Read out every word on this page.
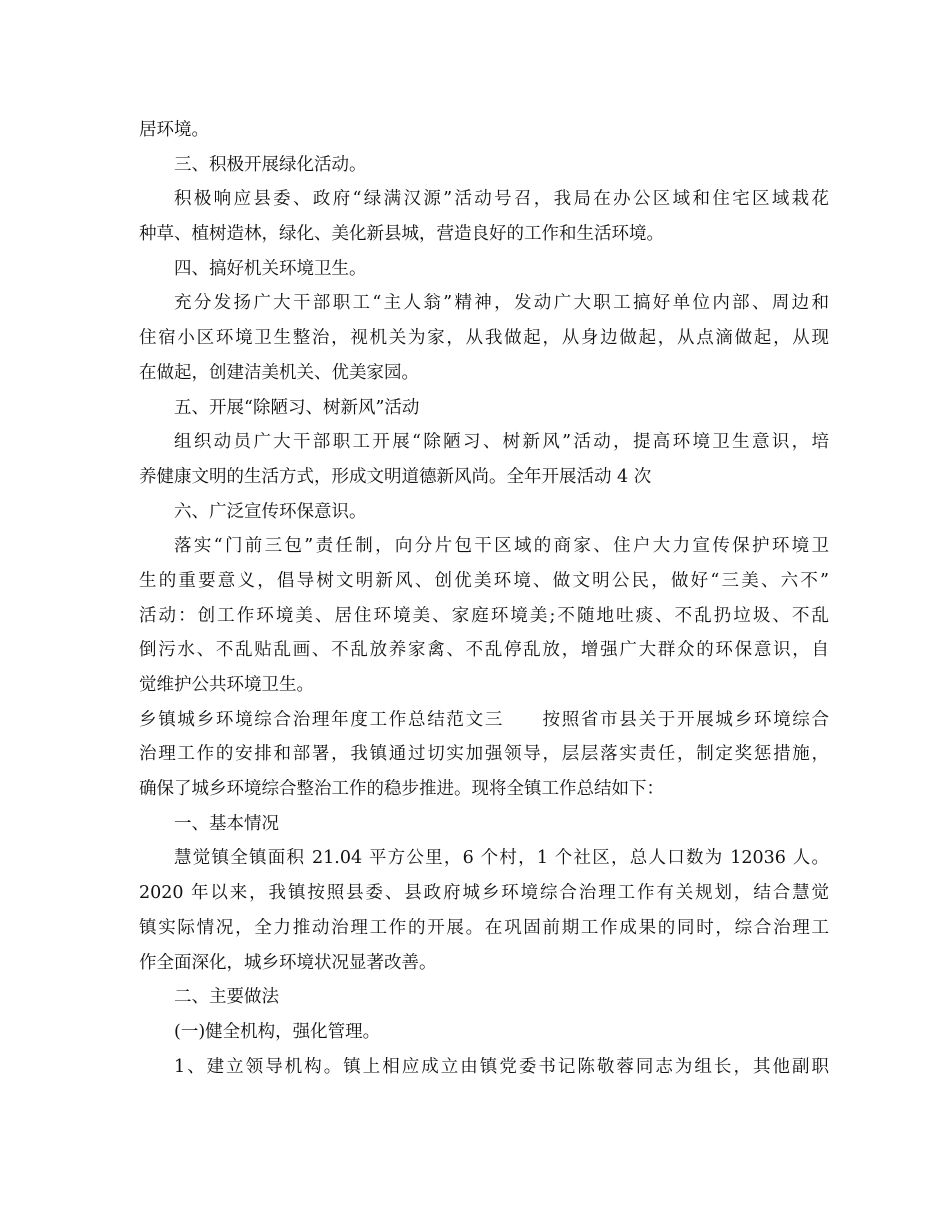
居环境。
三、积极开展绿化活动。
积极响应县委、政府“绿满汉源”活动号召，我局在办公区域和住宅区域栽花
种草、植树造林，绿化、美化新县城，营造良好的工作和生活环境。
四、搞好机关环境卫生。
充分发扬广大干部职工“主人翁”精神，发动广大职工搞好单位内部、周边和
住宿小区环境卫生整治，视机关为家，从我做起，从身边做起，从点滴做起，从现
在做起，创建洁美机关、优美家园。
五、开展“除陋习、树新风”活动
组织动员广大干部职工开展“除陋习、树新风”活动，提高环境卫生意识，培
养健康文明的生活方式，形成文明道德新风尚。全年开展活动 4 次
六、广泛宣传环保意识。
落实“门前三包”责任制，向分片包干区域的商家、住户大力宣传保护环境卫
生的重要意义，倡导树文明新风、创优美环境、做文明公民，做好“三美、六不”
活动：创工作环境美、居住环境美、家庭环境美;不随地吐痰、不乱扔垃圾、不乱
倒污水、不乱贴乱画、不乱放养家禽、不乱停乱放，增强广大群众的环保意识，自
觉维护公共环境卫生。
乡镇城乡环境综合治理年度工作总结范文三　　按照省市县关于开展城乡环境综合
治理工作的安排和部署，我镇通过切实加强领导，层层落实责任，制定奖惩措施，
确保了城乡环境综合整治工作的稳步推进。现将全镇工作总结如下：
一、基本情况
慧觉镇全镇面积 21.04 平方公里，6 个村，1 个社区，总人口数为 12036 人。
2020 年以来，我镇按照县委、县政府城乡环境综合治理工作有关规划，结合慧觉
镇实际情况，全力推动治理工作的开展。在巩固前期工作成果的同时，综合治理工
作全面深化，城乡环境状况显著改善。
二、主要做法
(一)健全机构，强化管理。
1、建立领导机构。镇上相应成立由镇党委书记陈敬蓉同志为组长，其他副职
